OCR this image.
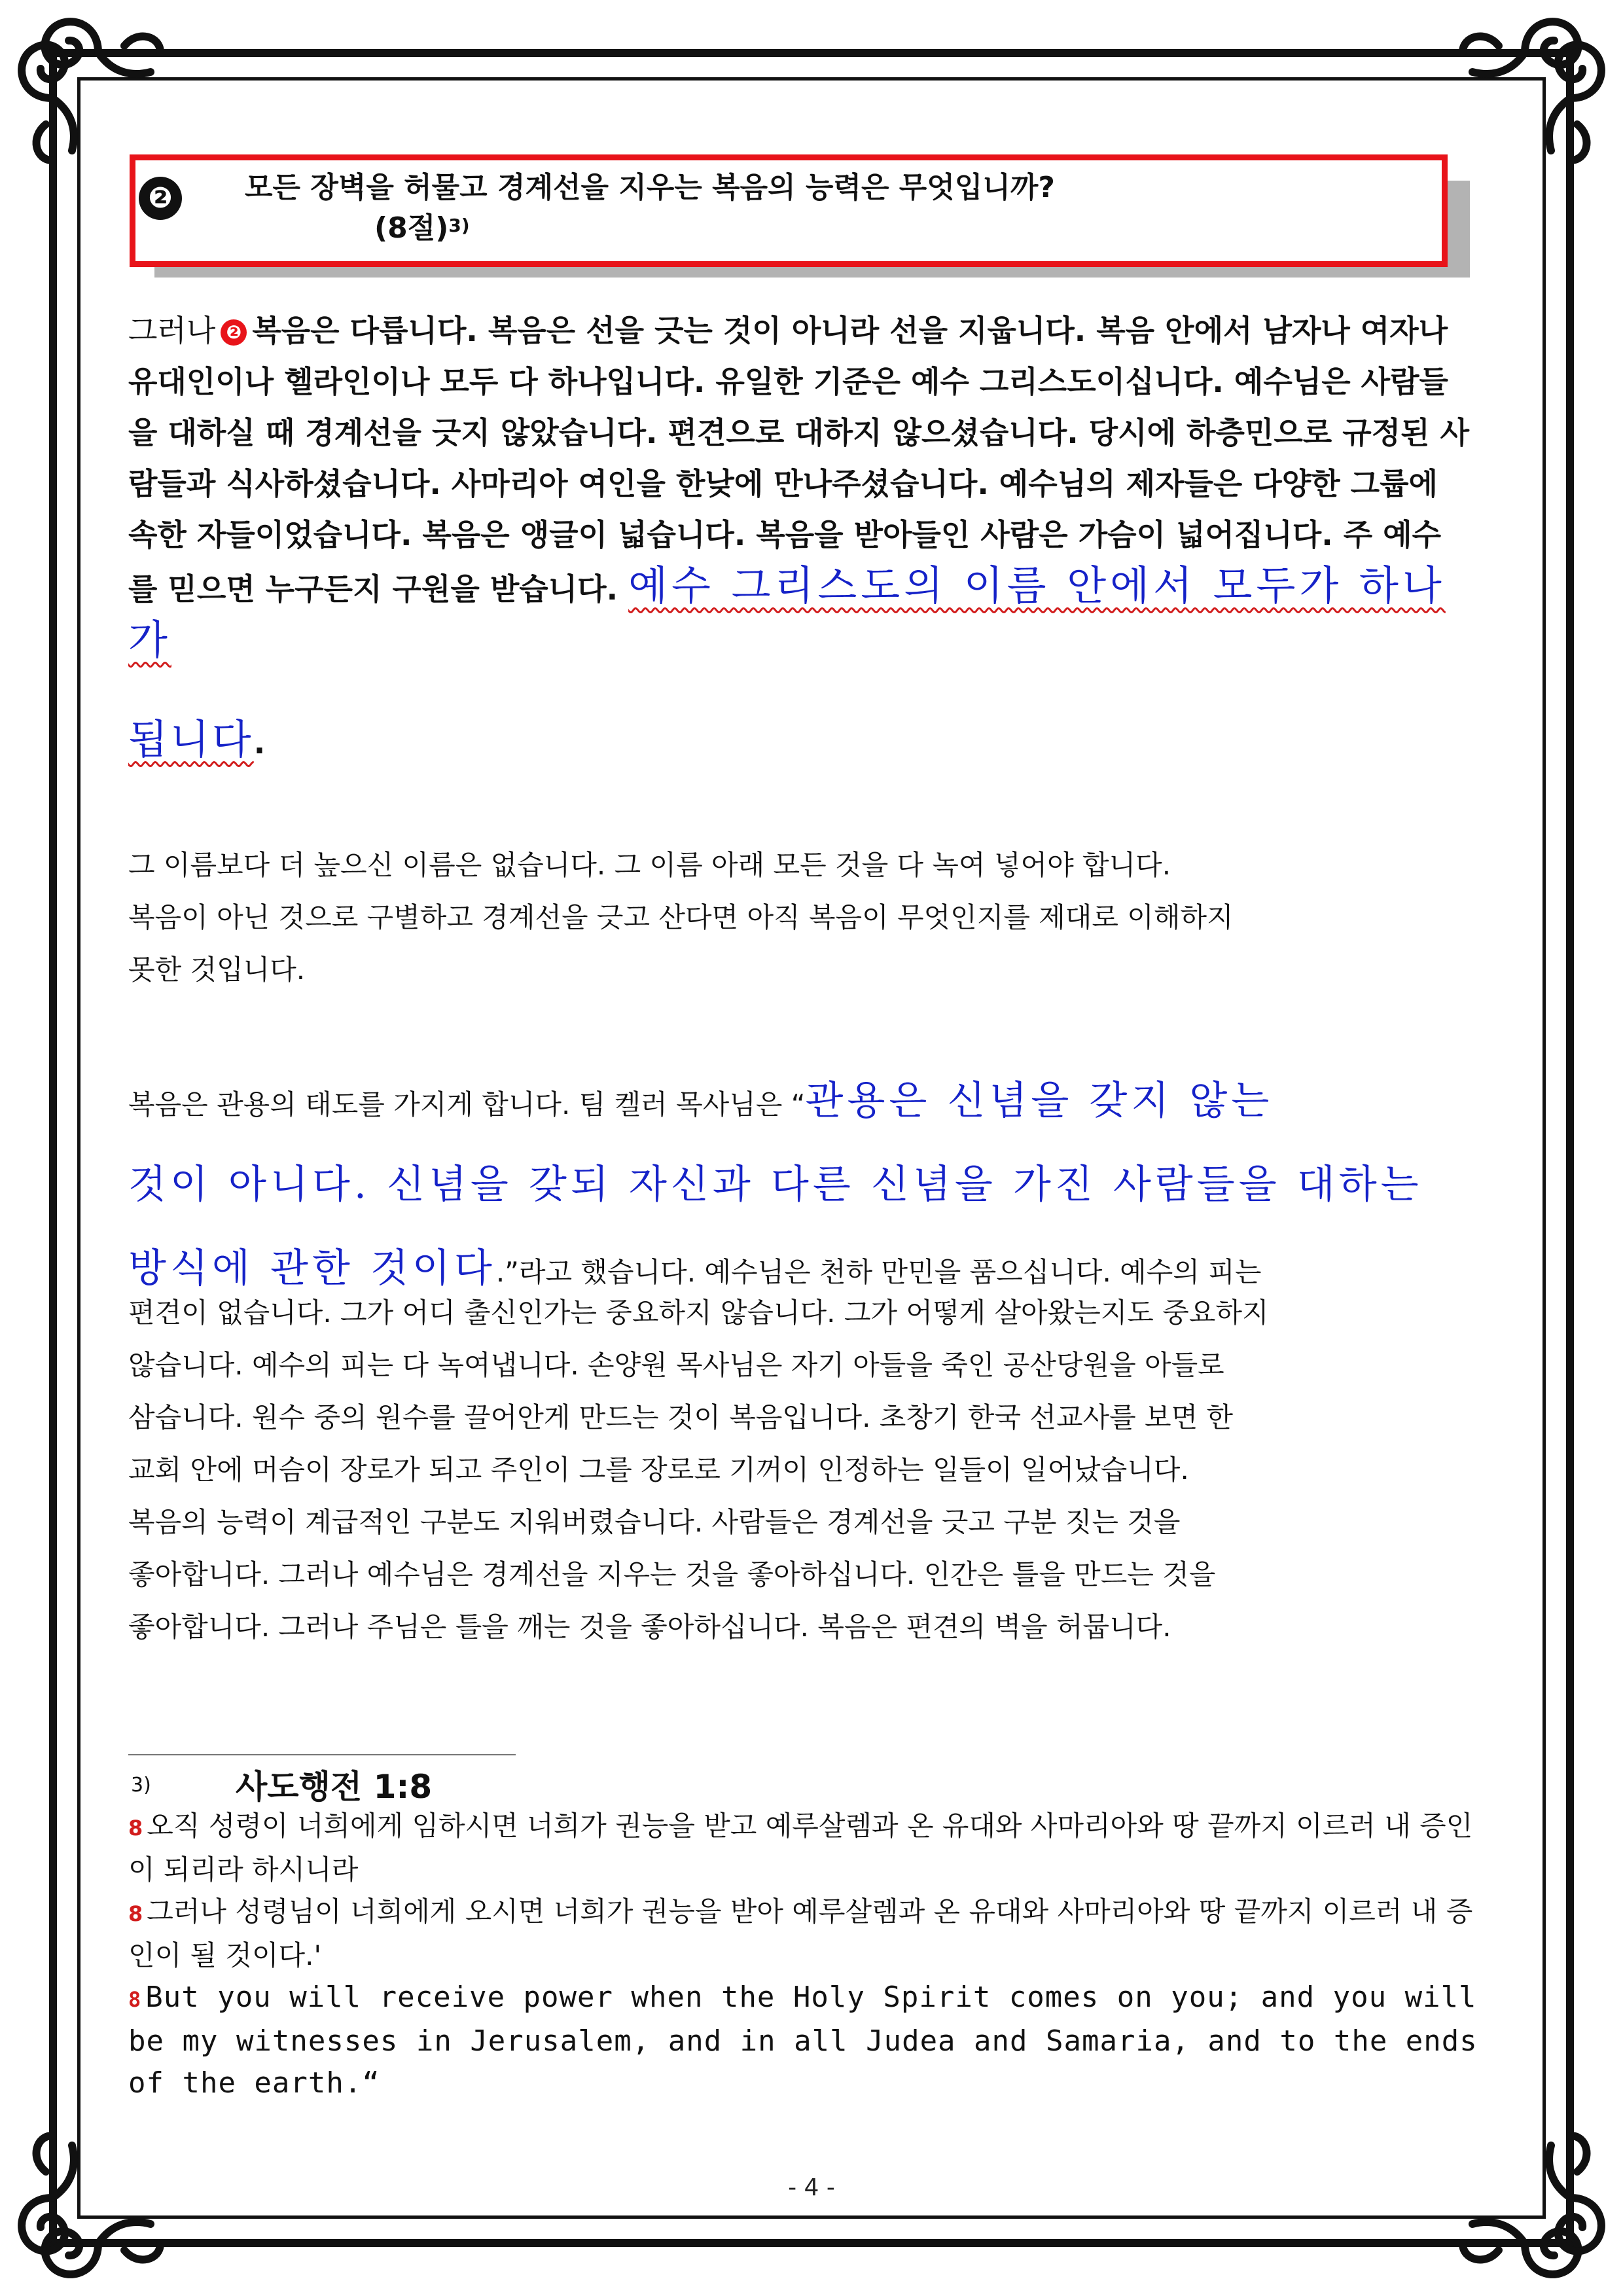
❷	모든 장벽을 허물고 경계선을 지우는 복음의 능력은 무엇입니까?
(8절)$^{3)}$
그러나 ❷ 복음은 다릅니다. 복음은 선을 긋는 것이 아니라 선을 지웁니다. 복음 안에서 남자나 여자나 유대인이나 헬라인이나 모두 다 하나입니다. 유일한 기준은 예수 그리스도이십니다. 예수님은 사람들을 대하실 때 경계선을 긋지 않았습니다. 편견으로 대하지 않으셨습니다. 당시에 하층민으로 규정된 사람들과 식사하셨습니다. 사마리아 여인을 한낮에 만나주셨습니다. 예수님의 제자들은 다양한 그룹에 속한 자들이었습니다. 복음은 앵글이 넓습니다. 복음을 받아들인 사람은 가슴이 넓어집니다. 주 예수를 믿으면 누구든지 구원을 받습니다. 예수 그리스도의 이름 안에서 모두가 하나가
됩니다.
그 이름보다 더 높으신 이름은 없습니다. 그 이름 아래 모든 것을 다 녹여 넣어야 합니다.
복음이 아닌 것으로 구별하고 경계선을 긋고 산다면 아직 복음이 무엇인지를 제대로 이해하지
못한 것입니다.
복음은 관용의 태도를 가지게 합니다. 팀 켈러 목사님은 “관용은 신념을 갖지 않는
것이 아니다. 신념을 갖되 자신과 다른 신념을 가진 사람들을 대하는
방식에 관한 것이다.”라고 했습니다. 예수님은 천하 만민을 품으십니다. 예수의 피는
편견이 없습니다. 그가 어디 출신인가는 중요하지 않습니다. 그가 어떻게 살아왔는지도 중요하지
않습니다. 예수의 피는 다 녹여냅니다. 손양원 목사님은 자기 아들을 죽인 공산당원을 아들로
삼습니다. 원수 중의 원수를 끌어안게 만드는 것이 복음입니다. 초창기 한국 선교사를 보면 한
교회 안에 머슴이 장로가 되고 주인이 그를 장로로 기꺼이 인정하는 일들이 일어났습니다.
복음의 능력이 계급적인 구분도 지워버렸습니다. 사람들은 경계선을 긋고 구분 짓는 것을
좋아합니다. 그러나 예수님은 경계선을 지우는 것을 좋아하십니다. 인간은 틀을 만드는 것을
좋아합니다. 그러나 주님은 틀을 깨는 것을 좋아하십니다. 복음은 편견의 벽을 허뭅니다.
3)	사도행전 1:8
8 오직 성령이 너희에게 임하시면 너희가 권능을 받고 예루살렘과 온 유대와 사마리아와 땅 끝까지 이르러 내 증인이 되리라 하시니라
8 그러나 성령님이 너희에게 오시면 너희가 권능을 받아 예루살렘과 온 유대와 사마리아와 땅 끝까지 이르러 내 증인이 될 것이다.'
8 But you will receive power when the Holy Spirit comes on you; and you will be my witnesses in Jerusalem, and in all Judea and Samaria, and to the ends of the earth.“
- 4 -
